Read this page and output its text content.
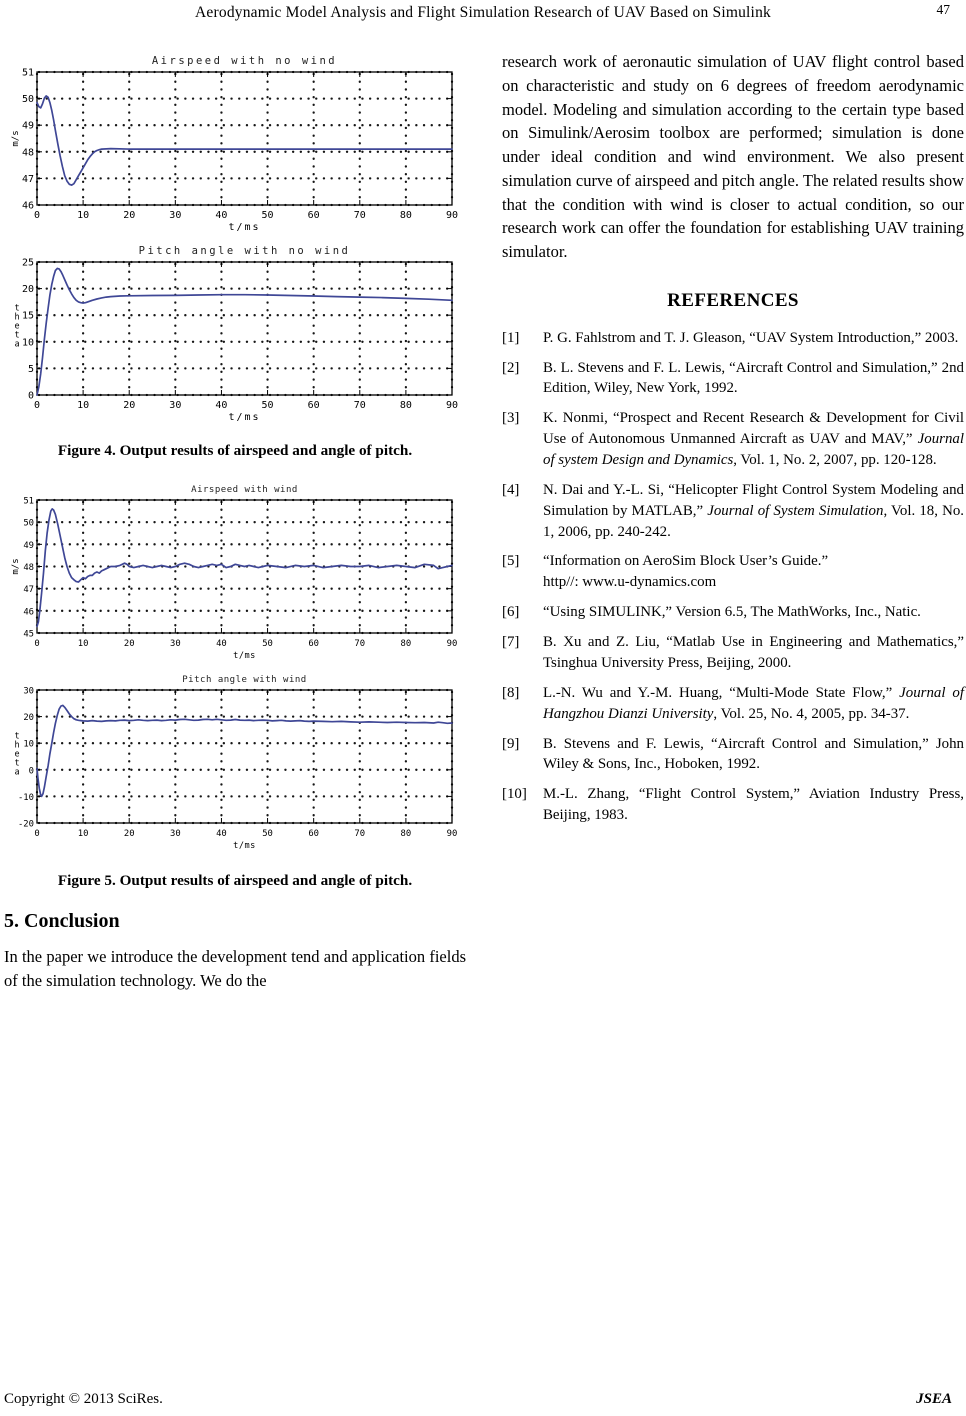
Aerodynamic Model Analysis and Flight Simulation Research of UAV Based on Simulink	47
0	10	20	30	40	50	60	70	80	90
46
47
48
49
50
51
Airspeed with no wind
t/ms
m/s
0	10	20	30	40	50	60	70	80	90
0
5
10
15
20
25
Pitch angle with no wind
t/ms
t
h
e
t
a
Figure 4. Output results of airspeed and angle of pitch.
0	10	20	30	40	50	60	70	80	90
45
46
47
48
49
50
51
Airspeed with wind
t/ms
m/s
0	10	20	30	40	50	60	70	80	90
-20
-10
0
10
20
30
Pitch angle with wind
t/ms
t
h
e
t
a
Figure 5. Output results of airspeed and angle of pitch.
5. Conclusion
In the paper we introduce the development tend and application fields of the simulation technology. We do the
research work of aeronautic simulation of UAV flight control based on characteristic and study on 6 degrees of freedom aerodynamic model. Modeling and simulation according to the certain type based on Simulink/Aerosim toolbox are performed; simulation is done under ideal condition and wind environment. We also present simulation curve of airspeed and pitch angle. The related results show that the condition with wind is closer to actual condition, so our research work can offer the foundation for establishing UAV training simulator.
REFERENCES
[1]	P. G. Fahlstrom and T. J. Gleason, “UAV System Introduction,” 2003.
[2]	B. L. Stevens and F. L. Lewis, “Aircraft Control and Simulation,” 2nd Edition, Wiley, New York, 1992.
[3]	K. Nonmi, “Prospect and Recent Research & Development for Civil Use of Autonomous Unmanned Aircraft as UAV and MAV,” Journal of system Design and Dynamics, Vol. 1, No. 2, 2007, pp. 120-128.
[4]	N. Dai and Y.-L. Si, “Helicopter Flight Control System Modeling and Simulation by MATLAB,” Journal of System Simulation, Vol. 18, No. 1, 2006, pp. 240-242.
[5]	“Information on AeroSim Block User’s Guide.”
http//: www.u-dynamics.com
[6]	“Using SIMULINK,” Version 6.5, The MathWorks, Inc., Natic.
[7]	B. Xu and Z. Liu, “Matlab Use in Engineering and Mathematics,” Tsinghua University Press, Beijing, 2000.
[8]	L.-N. Wu and Y.-M. Huang, “Multi-Mode State Flow,” Journal of Hangzhou Dianzi University, Vol. 25, No. 4, 2005, pp. 34-37.
[9]	B. Stevens and F. Lewis, “Aircraft Control and Simulation,” John Wiley & Sons, Inc., Hoboken, 1992.
[10]	M.-L. Zhang, “Flight Control System,” Aviation Industry Press, Beijing, 1983.
Copyright © 2013 SciRes.	JSEA
